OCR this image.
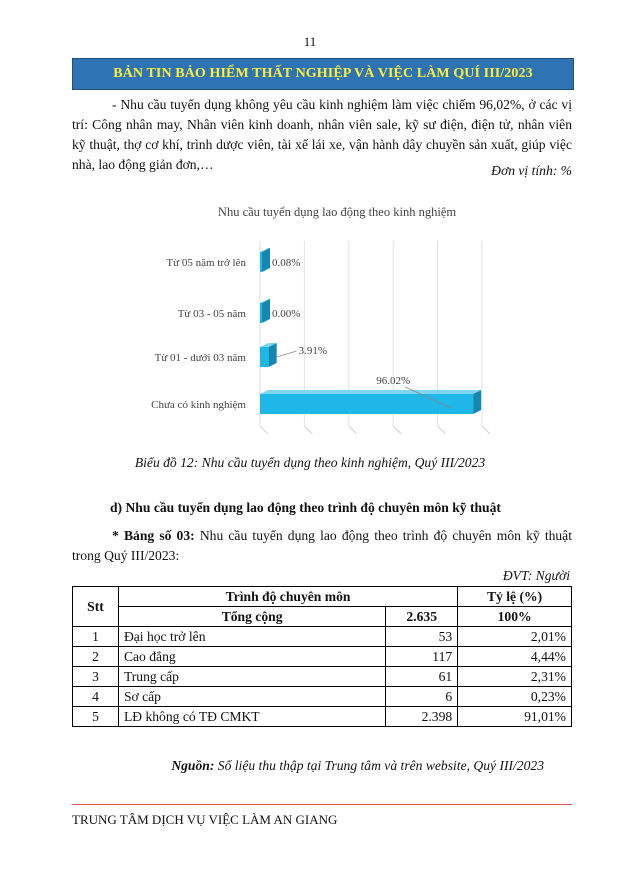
11
BẢN TIN BẢO HIỂM THẤT NGHIỆP VÀ VIỆC LÀM QUÍ III/2023
- Nhu cầu tuyển dụng không yêu cầu kinh nghiệm làm việc chiếm 96,02%, ở các vị trí: Công nhân may, Nhân viên kinh doanh, nhân viên sale, kỹ sư điện, điện tử, nhân viên kỹ thuật, thợ cơ khí, trình dược viên, tài xế lái xe, vận hành dây chuyền sản xuất, giúp việc nhà, lao động giản đơn,…	Đơn vị tính: %
Nhu cầu tuyển dụng lao động theo kinh nghiệm
Từ 05 năm trở lên
Từ 03 - 05 năm
Từ 01 - dưới 03 năm
Chưa có kinh nghiệm
0.08%
0.00%
3.91%
96.02%
Biểu đồ 12: Nhu cầu tuyển dụng theo kinh nghiệm, Quý III/2023
d) Nhu cầu tuyển dụng lao động theo trình độ chuyên môn kỹ thuật
* Bảng số 03: Nhu cầu tuyển dụng lao động theo trình độ chuyên môn kỹ thuật trong Quý III/2023:
ĐVT: Người
Stt	Trình độ chuyên môn		Tỷ lệ (%)
	Tổng cộng	2.635	100%
1	Đại học trở lên	53	2,01%
2	Cao đẳng	117	4,44%
3	Trung cấp	61	2,31%
4	Sơ cấp	6	0,23%
5	LĐ không có TĐ CMKT	2.398	91,01%
Nguồn: Số liệu thu thập tại Trung tâm và trên website, Quý III/2023
TRUNG TÂM DỊCH VỤ VIỆC LÀM AN GIANG
